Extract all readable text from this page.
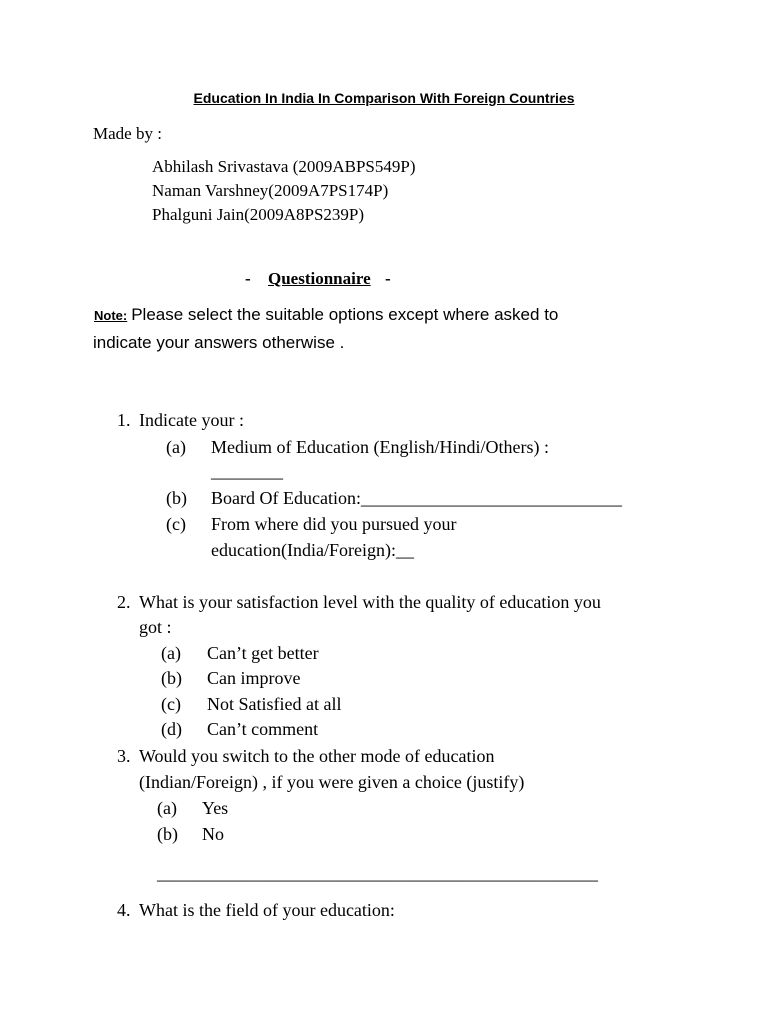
Education In India In Comparison With Foreign Countries
Made by :
Abhilash Srivastava (2009ABPS549P)
Naman Varshney(2009A7PS174P)
Phalguni Jain(2009A8PS239P)
- Questionnaire -
Note: Please select the suitable options except where asked to
indicate your answers otherwise .
1. Indicate your :
(a) Medium of Education (English/Hindi/Others) :
________
(b) Board Of Education:_____________________________
(c) From where did you pursued your
education(India/Foreign):__
2. What is your satisfaction level with the quality of education you
got :
(a) Can’t get better
(b) Can improve
(c) Not Satisfied at all
(d) Can’t comment
3. Would you switch to the other mode of education
(Indian/Foreign) , if you were given a choice (justify)
(a) Yes
(b) No
_________________________________________________
4. What is the field of your education:
